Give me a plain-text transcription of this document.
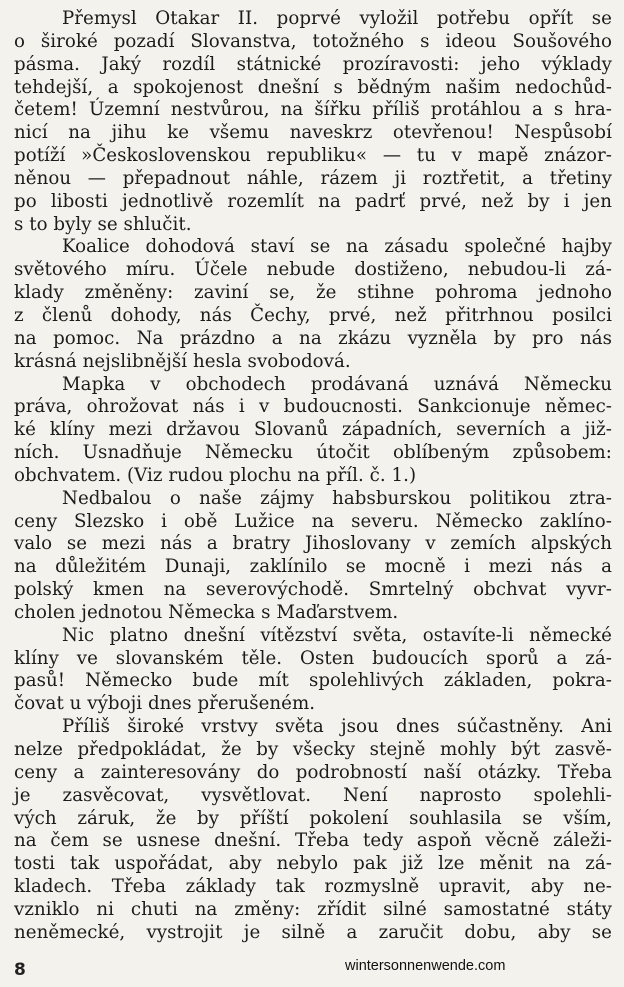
Přemysl Otakar II. poprvé vyložil potřebu opřít se
o široké pozadí Slovanstva, totožného s ideou Soušového
pásma. Jaký rozdíl státnické prozíravosti: jeho výklady
tehdejší, a spokojenost dnešní s bědným našim nedochůd-
četem! Územní nestvůrou, na šířku příliš protáhlou a s hra-
nicí na jihu ke všemu naveskrz otevřenou! Nespůsobí
potíží »Československou republiku« — tu v mapě znázor-
něnou — přepadnout náhle, rázem ji roztřetit, a třetiny
po libosti jednotlivě rozemlít na padrť prvé, než by i jen
s to byly se shlučit.
Koalice dohodová staví se na zásadu společné hajby
světového míru. Účele nebude dostiženo, nebudou-li zá-
klady změněny: zaviní se, že stihne pohroma jednoho
z členů dohody, nás Čechy, prvé, než přitrhnou posilci
na pomoc. Na prázdno a na zkázu vyzněla by pro nás
krásná nejslibnější hesla svobodová.
Mapka v obchodech prodávaná uznává Německu
práva, ohrožovat nás i v budoucnosti. Sankcionuje němec-
ké klíny mezi državou Slovanů západních, severních a již-
ních. Usnadňuje Německu útočit oblíbeným způsobem:
obchvatem. (Viz rudou plochu na příl. č. 1.)
Nedbalou o naše zájmy habsburskou politikou ztra-
ceny Slezsko i obě Lužice na severu. Německo zaklíno-
valo se mezi nás a bratry Jihoslovany v zemích alpských
na důležitém Dunaji, zaklínilo se mocně i mezi nás a
polský kmen na severovýchodě. Smrtelný obchvat vyvr-
cholen jednotou Německa s Maďarstvem.
Nic platno dnešní vítězství světa, ostavíte-li německé
klíny ve slovanském těle. Osten budoucích sporů a zá-
pasů! Německo bude mít spolehlivých základen, pokra-
čovat u výboji dnes přerušeném.
Příliš široké vrstvy světa jsou dnes súčastněny. Ani
nelze předpokládat, že by všecky stejně mohly být zasvě-
ceny a zainteresovány do podrobností naší otázky. Třeba
je zasvěcovat, vysvětlovat. Není naprosto spolehli-
vých záruk, že by příští pokolení souhlasila se vším,
na čem se usnese dnešní. Třeba tedy aspoň věcně záleži-
tosti tak uspořádat, aby nebylo pak již lze měnit na zá-
kladech. Třeba základy tak rozmyslně upravit, aby ne-
vzniklo ni chuti na změny: zřídit silné samostatné státy
neněmecké, vystrojit je silně a zaručit dobu, aby se
8	wintersonnenwende.com
